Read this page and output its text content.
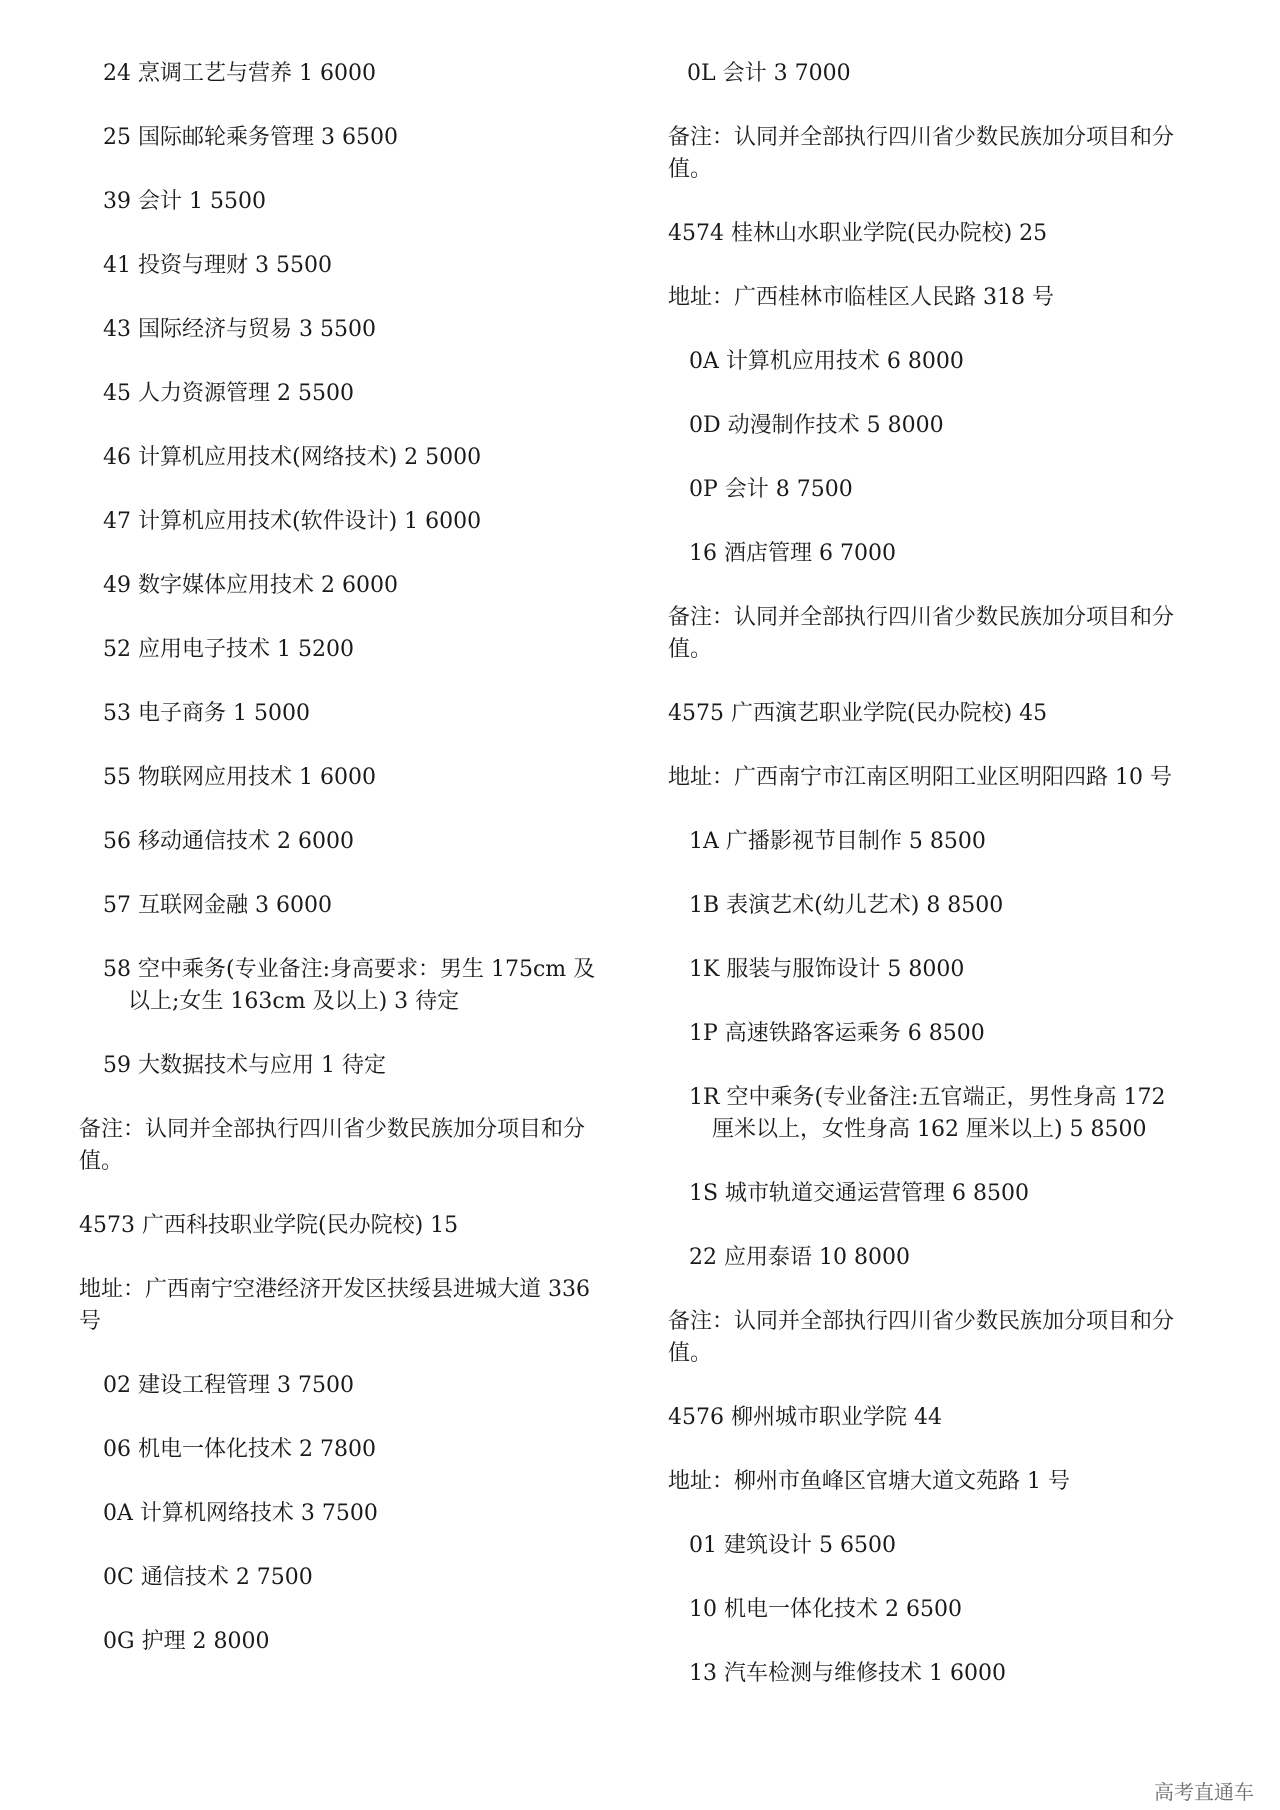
24 烹调工艺与营养 1 6000
25 国际邮轮乘务管理 3 6500
39 会计 1 5500
41 投资与理财 3 5500
43 国际经济与贸易 3 5500
45 人力资源管理 2 5500
46 计算机应用技术(网络技术) 2 5000
47 计算机应用技术(软件设计) 1 6000
49 数字媒体应用技术 2 6000
52 应用电子技术 1 5200
53 电子商务 1 5000
55 物联网应用技术 1 6000
56 移动通信技术 2 6000
57 互联网金融 3 6000
58 空中乘务(专业备注:身高要求：男生 175cm 及
以上;女生 163cm 及以上) 3 待定
59 大数据技术与应用 1 待定
备注：认同并全部执行四川省少数民族加分项目和分
值。
4573 广西科技职业学院(民办院校) 15
地址：广西南宁空港经济开发区扶绥县进城大道 336
号
02 建设工程管理 3 7500
06 机电一体化技术 2 7800
0A 计算机网络技术 3 7500
0C 通信技术 2 7500
0G 护理 2 8000
0L 会计 3 7000
备注：认同并全部执行四川省少数民族加分项目和分
值。
4574 桂林山水职业学院(民办院校) 25
地址：广西桂林市临桂区人民路 318 号
0A 计算机应用技术 6 8000
0D 动漫制作技术 5 8000
0P 会计 8 7500
16 酒店管理 6 7000
备注：认同并全部执行四川省少数民族加分项目和分
值。
4575 广西演艺职业学院(民办院校) 45
地址：广西南宁市江南区明阳工业区明阳四路 10 号
1A 广播影视节目制作 5 8500
1B 表演艺术(幼儿艺术) 8 8500
1K 服装与服饰设计 5 8000
1P 高速铁路客运乘务 6 8500
1R 空中乘务(专业备注:五官端正，男性身高 172
厘米以上，女性身高 162 厘米以上) 5 8500
1S 城市轨道交通运营管理 6 8500
22 应用泰语 10 8000
备注：认同并全部执行四川省少数民族加分项目和分
值。
4576 柳州城市职业学院 44
地址：柳州市鱼峰区官塘大道文苑路 1 号
01 建筑设计 5 6500
10 机电一体化技术 2 6500
13 汽车检测与维修技术 1 6000
高考直通车
